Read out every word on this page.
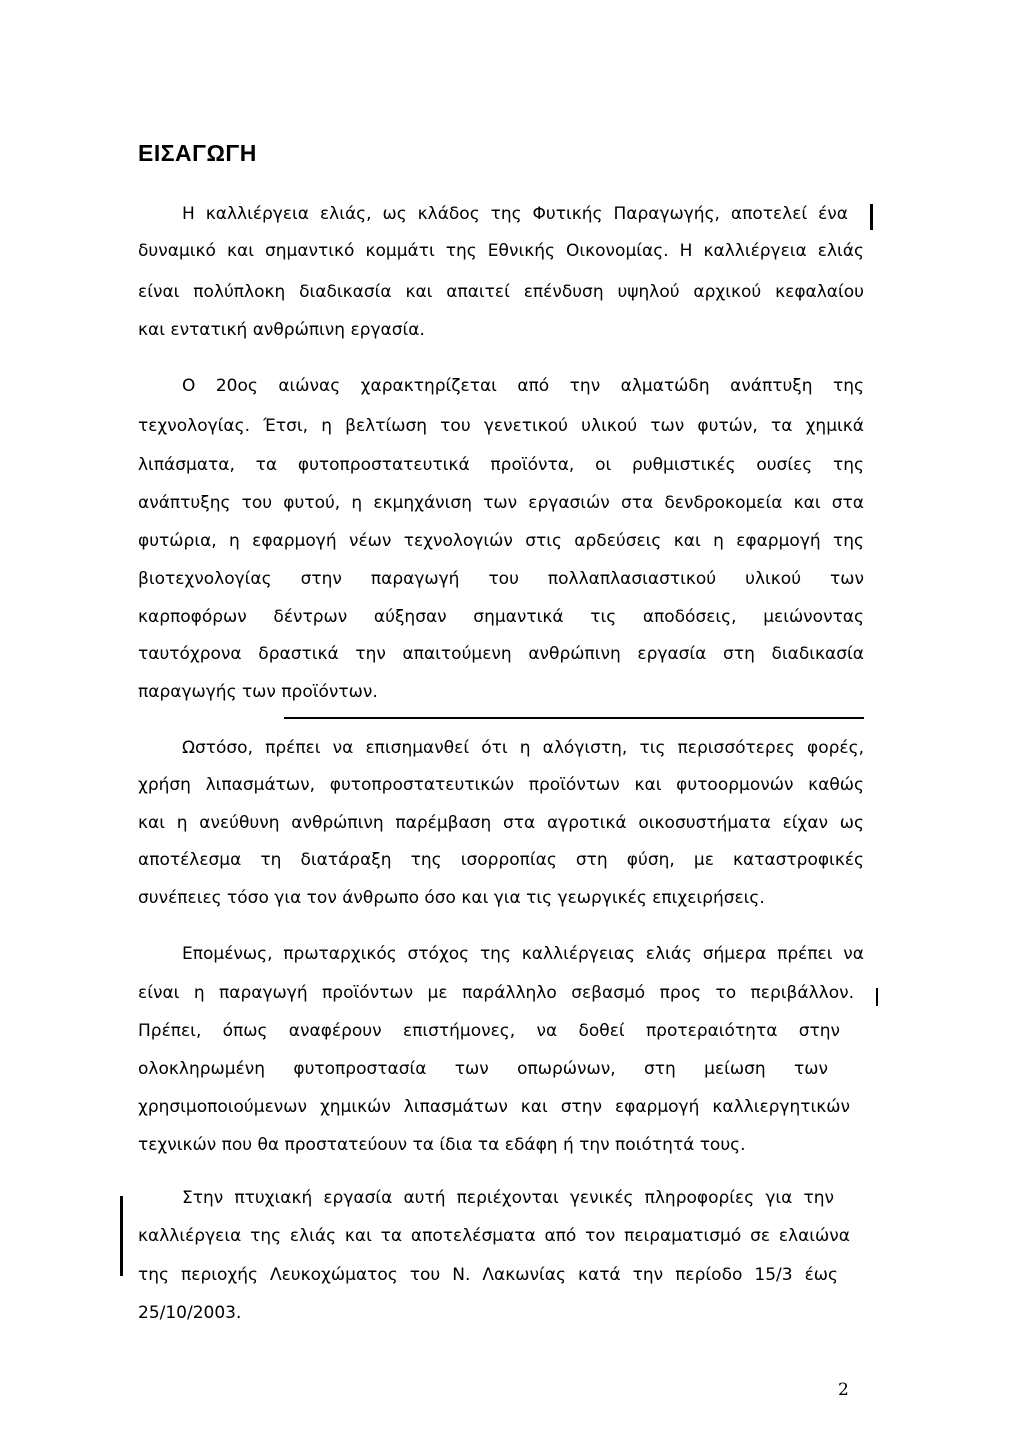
ΕΙΣΑΓΩΓΗ
Η καλλιέργεια ελιάς, ως κλάδος της Φυτικής Παραγωγής, αποτελεί ένα
δυναμικό και σημαντικό κομμάτι της Εθνικής Οικονομίας. Η καλλιέργεια ελιάς
είναι πολύπλοκη διαδικασία και απαιτεί επένδυση υψηλού αρχικού κεφαλαίου
και εντατική ανθρώπινη εργασία.
Ο 20ος αιώνας χαρακτηρίζεται από την αλματώδη ανάπτυξη της
τεχνολογίας. Έτσι, η βελτίωση του γενετικού υλικού των φυτών, τα χημικά
λιπάσματα, τα φυτοπροστατευτικά προϊόντα, οι ρυθμιστικές ουσίες της
ανάπτυξης του φυτού, η εκμηχάνιση των εργασιών στα δενδροκομεία και στα
φυτώρια, η εφαρμογή νέων τεχνολογιών στις αρδεύσεις και η εφαρμογή της
βιοτεχνολογίας στην παραγωγή του πολλαπλασιαστικού υλικού των
καρποφόρων δέντρων αύξησαν σημαντικά τις αποδόσεις, μειώνοντας
ταυτόχρονα δραστικά την απαιτούμενη ανθρώπινη εργασία στη διαδικασία
παραγωγής των προϊόντων.
Ωστόσο, πρέπει να επισημανθεί ότι η αλόγιστη, τις περισσότερες φορές,
χρήση λιπασμάτων, φυτοπροστατευτικών προϊόντων και φυτοορμονών καθώς
και η ανεύθυνη ανθρώπινη παρέμβαση στα αγροτικά οικοσυστήματα είχαν ως
αποτέλεσμα τη διατάραξη της ισορροπίας στη φύση, με καταστροφικές
συνέπειες τόσο για τον άνθρωπο όσο και για τις γεωργικές επιχειρήσεις.
Επομένως, πρωταρχικός στόχος της καλλιέργειας ελιάς σήμερα πρέπει να
είναι η παραγωγή προϊόντων με παράλληλο σεβασμό προς το περιβάλλον.
Πρέπει, όπως αναφέρουν επιστήμονες, να δοθεί προτεραιότητα στην
ολοκληρωμένη φυτοπροστασία των οπωρώνων, στη μείωση των
χρησιμοποιούμενων χημικών λιπασμάτων και στην εφαρμογή καλλιεργητικών
τεχνικών που θα προστατεύουν τα ίδια τα εδάφη ή την ποιότητά τους.
Στην πτυχιακή εργασία αυτή περιέχονται γενικές πληροφορίες για την
καλλιέργεια της ελιάς και τα αποτελέσματα από τον πειραματισμό σε ελαιώνα
της περιοχής Λευκοχώματος του Ν. Λακωνίας κατά την περίοδο 15/3 έως
25/10/2003.
2
